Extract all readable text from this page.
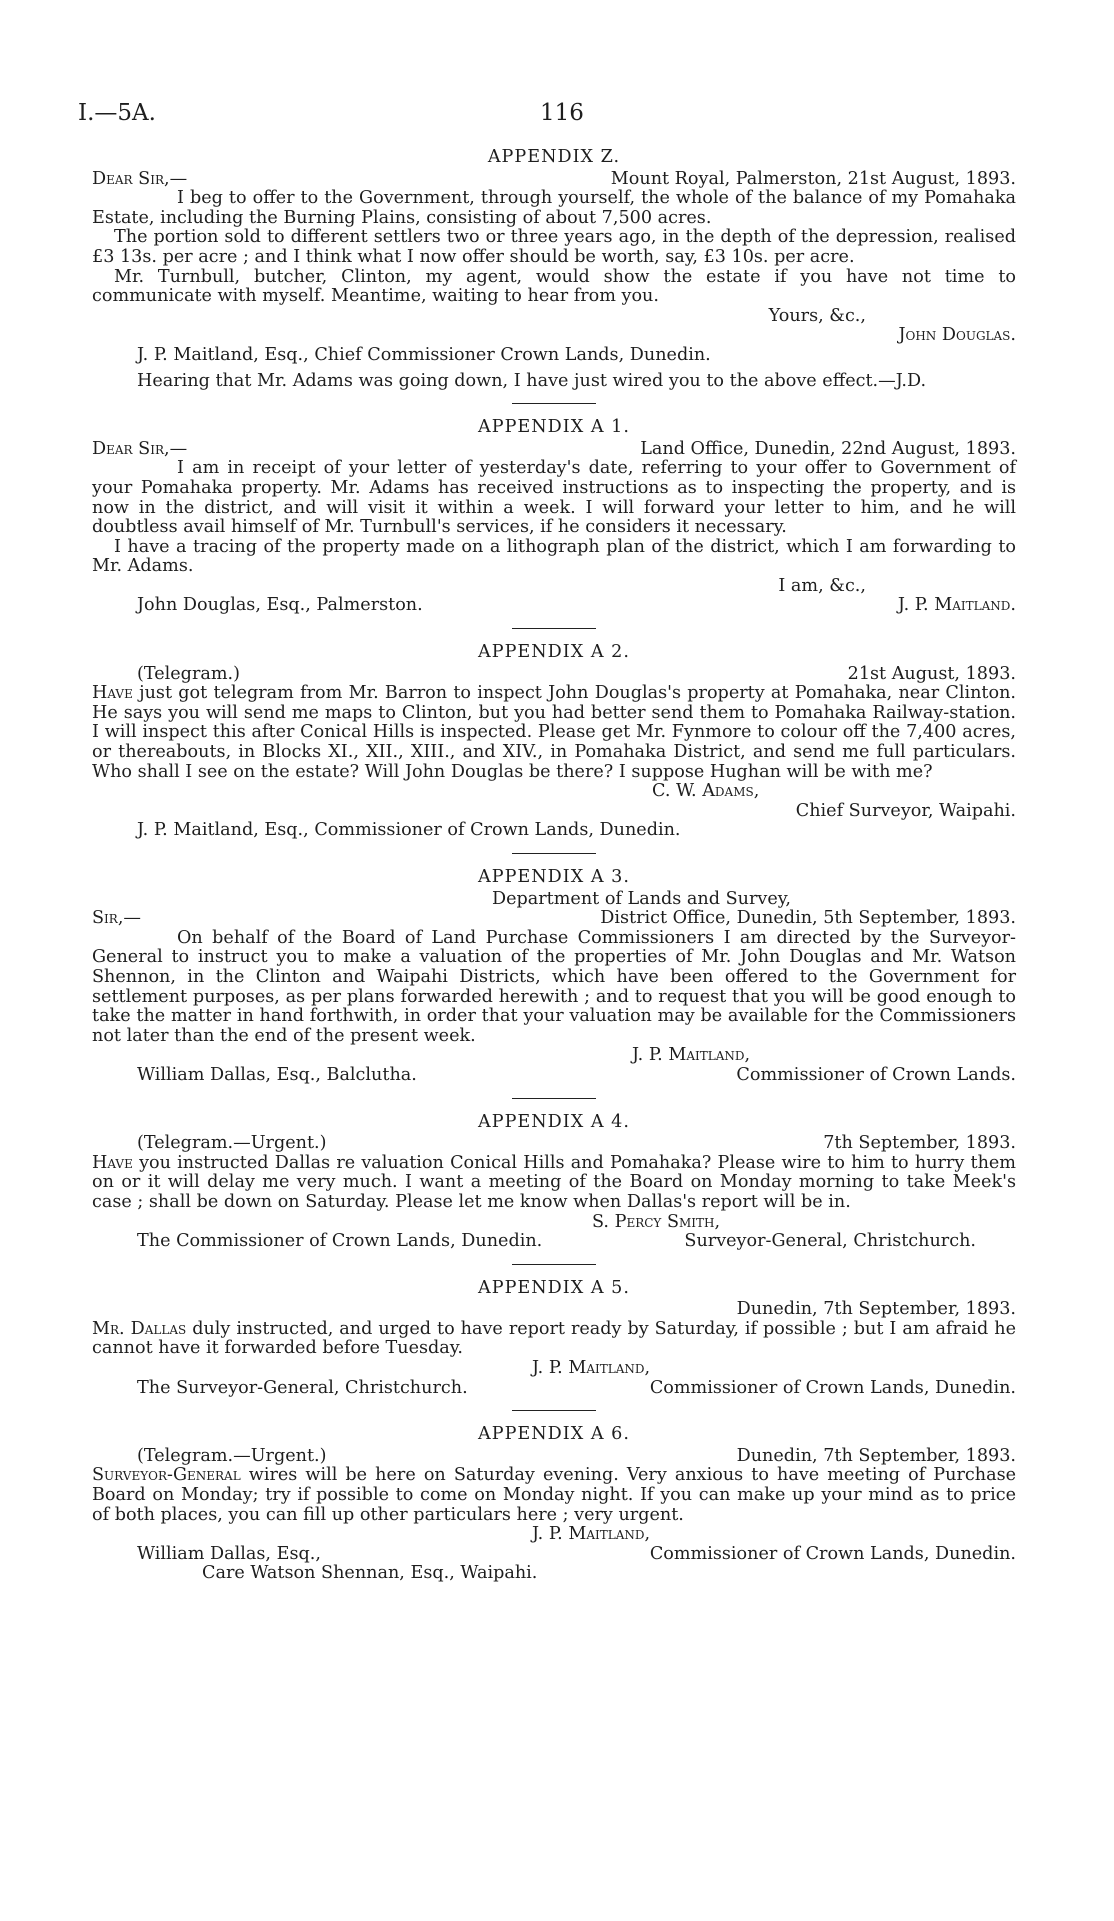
I.—5A.	116
APPENDIX Z.
Dear Sir,—	Mount Royal, Palmerston, 21st August, 1893.
I beg to offer to the Government, through yourself, the whole of the balance of my Pomahaka Estate, including the Burning Plains, consisting of about 7,500 acres.
The portion sold to different settlers two or three years ago, in the depth of the depression, realised £3 13s. per acre ; and I think what I now offer should be worth, say, £3 10s. per acre.
Mr. Turnbull, butcher, Clinton, my agent, would show the estate if you have not time to communicate with myself. Meantime, waiting to hear from you.
Yours, &c.,
John Douglas.
J. P. Maitland, Esq., Chief Commissioner Crown Lands, Dunedin.
Hearing that Mr. Adams was going down, I have just wired you to the above effect.—J.D.
APPENDIX A 1.
Dear Sir,—	Land Office, Dunedin, 22nd August, 1893.
I am in receipt of your letter of yesterday's date, referring to your offer to Government of your Pomahaka property. Mr. Adams has received instructions as to inspecting the property, and is now in the district, and will visit it within a week. I will forward your letter to him, and he will doubtless avail himself of Mr. Turnbull's services, if he considers it necessary.
I have a tracing of the property made on a lithograph plan of the district, which I am forwarding to Mr. Adams.
I am, &c.,
John Douglas, Esq., Palmerston.	J. P. Maitland.
APPENDIX A 2.
(Telegram.)	21st August, 1893.
Have just got telegram from Mr. Barron to inspect John Douglas's property at Pomahaka, near Clinton. He says you will send me maps to Clinton, but you had better send them to Pomahaka Railway-station. I will inspect this after Conical Hills is inspected. Please get Mr. Fynmore to colour off the 7,400 acres, or thereabouts, in Blocks XI., XII., XIII., and XIV., in Pomahaka District, and send me full particulars. Who shall I see on the estate? Will John Douglas be there? I suppose Hughan will be with me?
C. W. Adams,
Chief Surveyor, Waipahi.
J. P. Maitland, Esq., Commissioner of Crown Lands, Dunedin.
APPENDIX A 3.
Department of Lands and Survey,
Sir,—	District Office, Dunedin, 5th September, 1893.
On behalf of the Board of Land Purchase Commissioners I am directed by the Surveyor-General to instruct you to make a valuation of the properties of Mr. John Douglas and Mr. Watson Shennon, in the Clinton and Waipahi Districts, which have been offered to the Government for settlement purposes, as per plans forwarded herewith ; and to request that you will be good enough to take the matter in hand forthwith, in order that your valuation may be available for the Commissioners not later than the end of the present week.
J. P. Maitland,
William Dallas, Esq., Balclutha.	Commissioner of Crown Lands.
APPENDIX A 4.
(Telegram.—Urgent.)	7th September, 1893.
Have you instructed Dallas re valuation Conical Hills and Pomahaka? Please wire to him to hurry them on or it will delay me very much. I want a meeting of the Board on Monday morning to take Meek's case ; shall be down on Saturday. Please let me know when Dallas's report will be in.
S. Percy Smith,
The Commissioner of Crown Lands, Dunedin.	Surveyor-General, Christchurch.
APPENDIX A 5.
Dunedin, 7th September, 1893.
Mr. Dallas duly instructed, and urged to have report ready by Saturday, if possible ; but I am afraid he cannot have it forwarded before Tuesday.
J. P. Maitland,
The Surveyor-General, Christchurch.	Commissioner of Crown Lands, Dunedin.
APPENDIX A 6.
(Telegram.—Urgent.)	Dunedin, 7th September, 1893.
Surveyor-General wires will be here on Saturday evening. Very anxious to have meeting of Purchase Board on Monday; try if possible to come on Monday night. If you can make up your mind as to price of both places, you can fill up other particulars here ; very urgent.
J. P. Maitland,
William Dallas, Esq.,	Commissioner of Crown Lands, Dunedin.
Care Watson Shennan, Esq., Waipahi.
